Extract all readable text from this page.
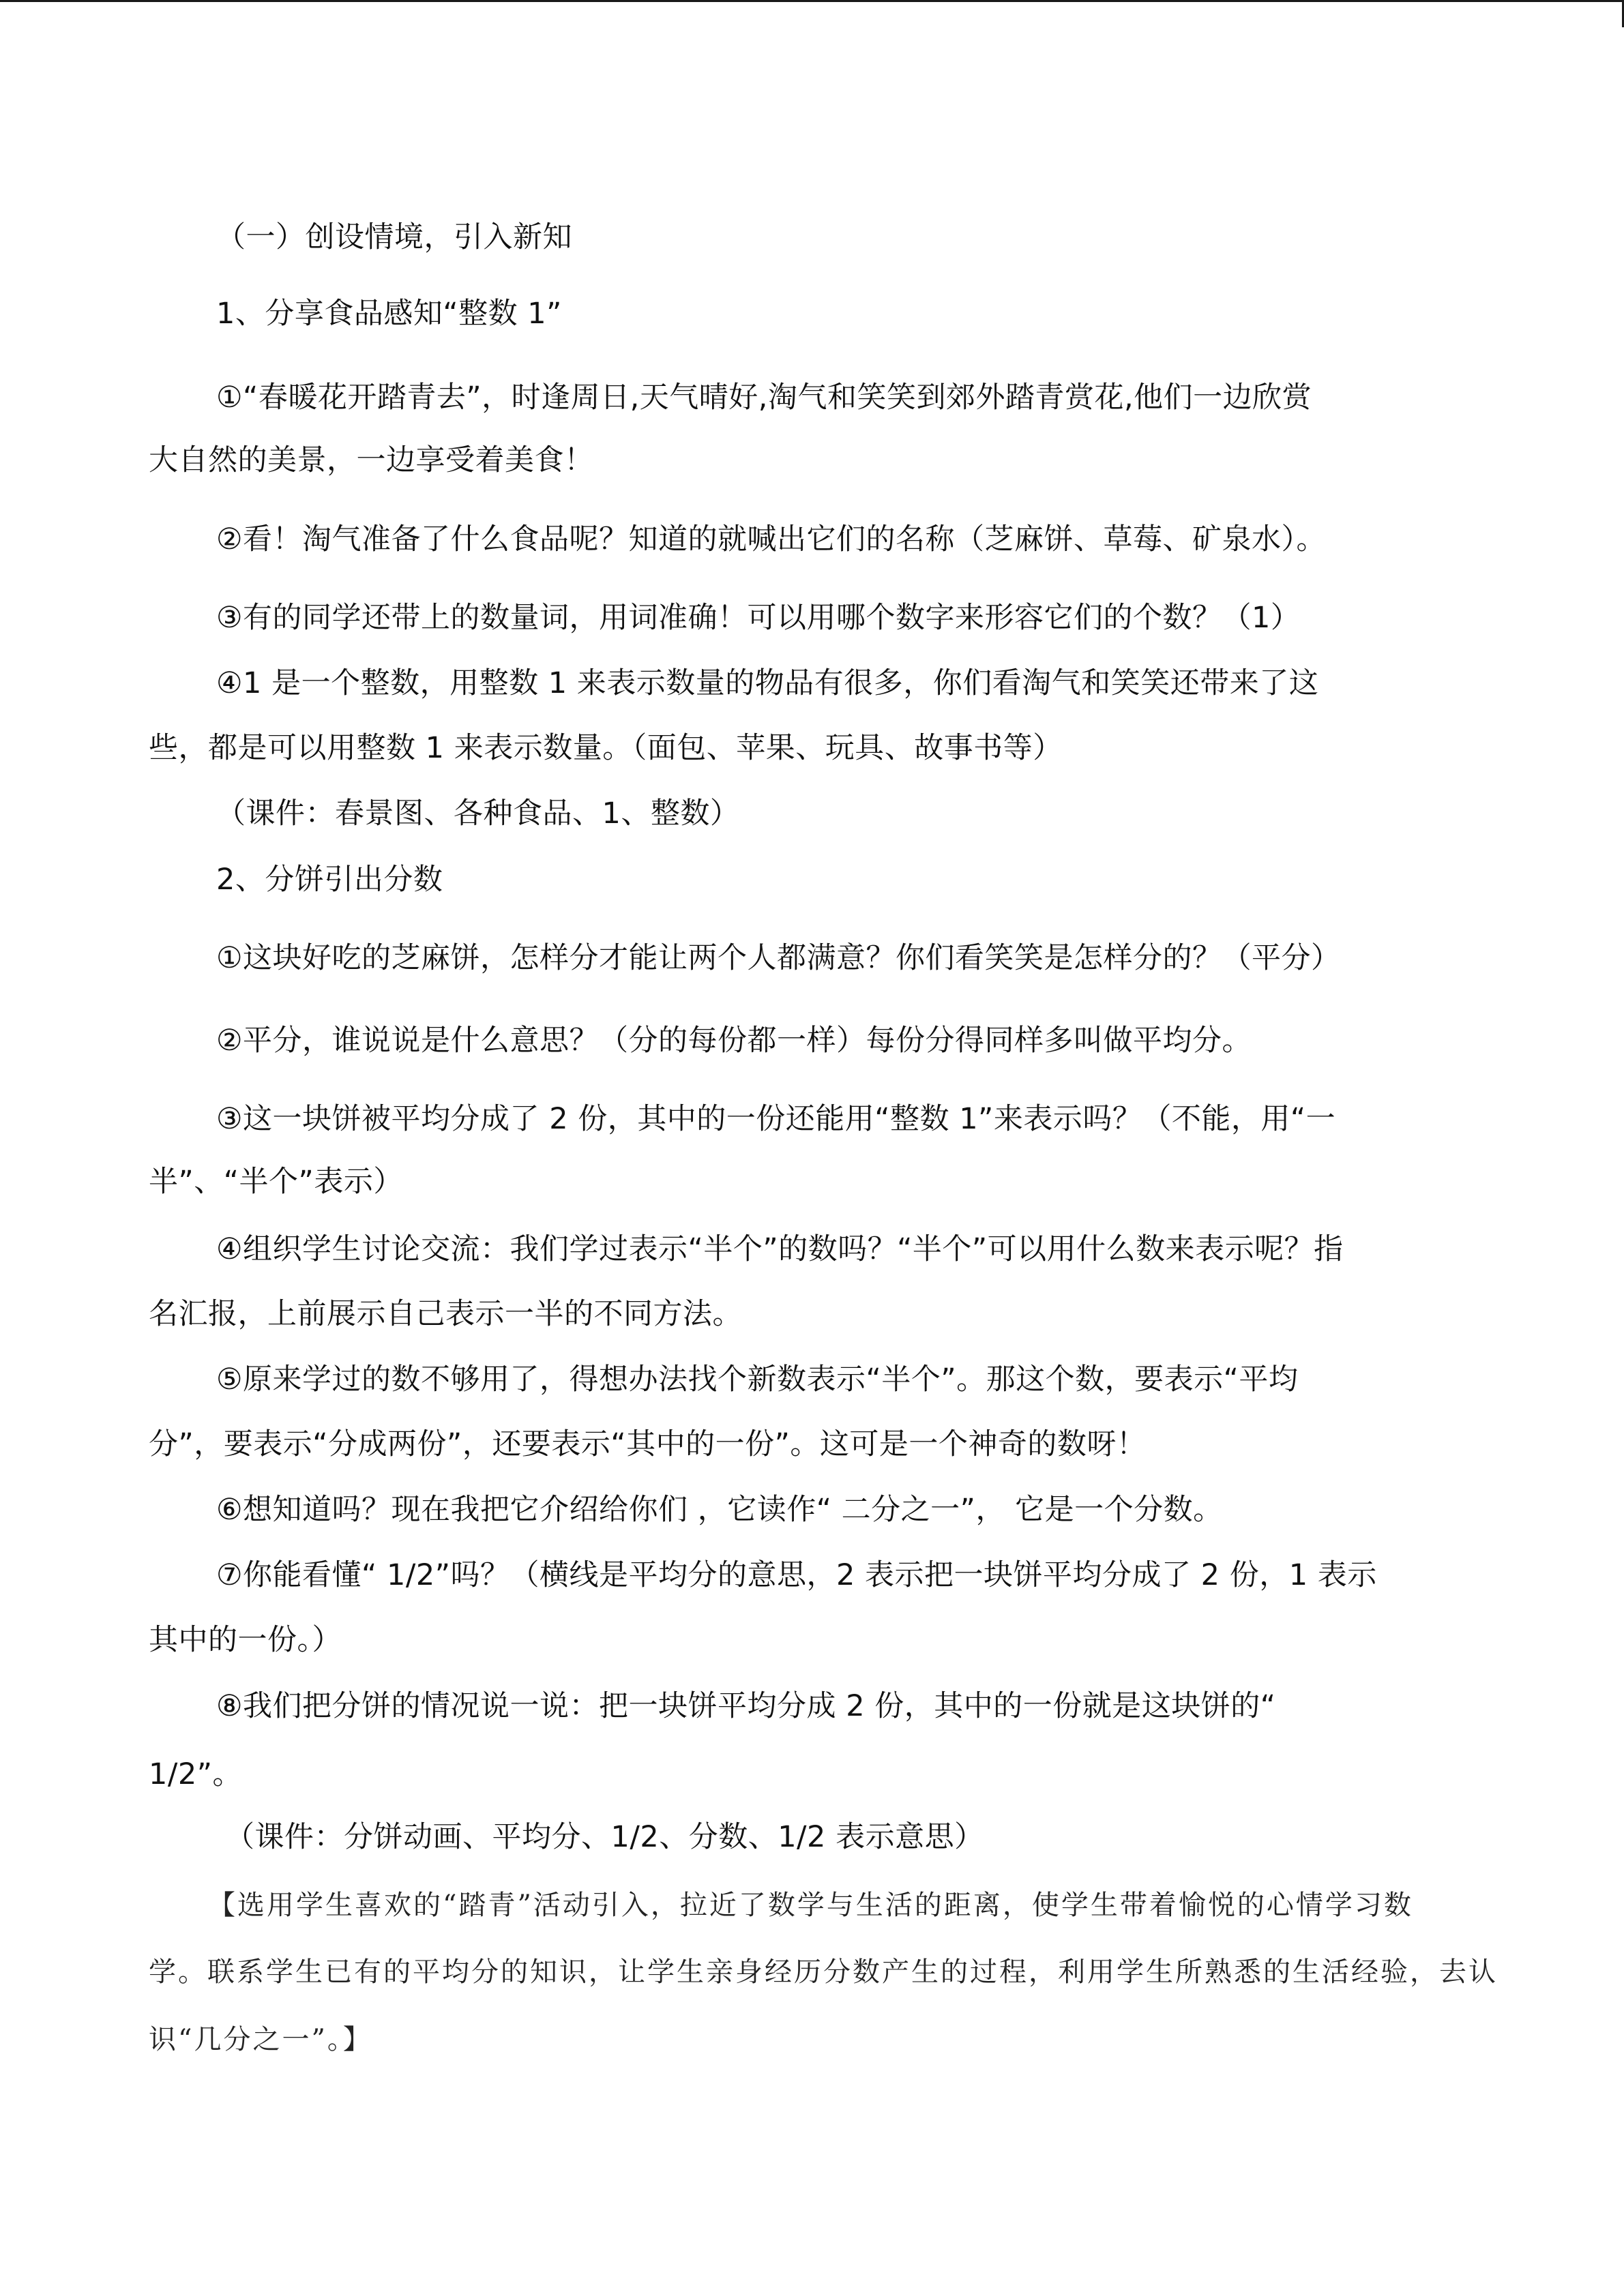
（一）创设情境，引入新知
1、分享食品感知“整数 1”
①“春暖花开踏青去”，时逢周日,天气晴好,淘气和笑笑到郊外踏青赏花,他们一边欣赏
大自然的美景，一边享受着美食！
②看！淘气准备了什么食品呢？知道的就喊出它们的名称（芝麻饼、草莓、矿泉水）。
③有的同学还带上的数量词，用词准确！可以用哪个数字来形容它们的个数？（1）
④1 是一个整数，用整数 1 来表示数量的物品有很多，你们看淘气和笑笑还带来了这
些，都是可以用整数 1 来表示数量。（面包、苹果、玩具、故事书等）
（课件：春景图、各种食品、1、整数）
2、分饼引出分数
①这块好吃的芝麻饼，怎样分才能让两个人都满意？你们看笑笑是怎样分的？（平分）
②平分，谁说说是什么意思？（分的每份都一样）每份分得同样多叫做平均分。
③这一块饼被平均分成了 2 份，其中的一份还能用“整数 1”来表示吗？（不能，用“一
半”、“半个”表示）
④组织学生讨论交流：我们学过表示“半个”的数吗？“半个”可以用什么数来表示呢？指
名汇报，上前展示自己表示一半的不同方法。
⑤原来学过的数不够用了，得想办法找个新数表示“半个”。那这个数，要表示“平均
分”，要表示“分成两份”，还要表示“其中的一份”。这可是一个神奇的数呀！
⑥想知道吗？现在我把它介绍给你们 ，它读作“ 二分之一”， 它是一个分数。
⑦你能看懂“ 1/2”吗？（横线是平均分的意思，2 表示把一块饼平均分成了 2 份，1 表示
其中的一份。）
⑧我们把分饼的情况说一说：把一块饼平均分成 2 份，其中的一份就是这块饼的“
1/2”。
（课件：分饼动画、平均分、1/2、分数、1/2 表示意思）
【选用学生喜欢的“踏青”活动引入，拉近了数学与生活的距离，使学生带着愉悦的心情学习数
学。联系学生已有的平均分的知识，让学生亲身经历分数产生的过程，利用学生所熟悉的生活经验，去认
识“几分之一”。】
